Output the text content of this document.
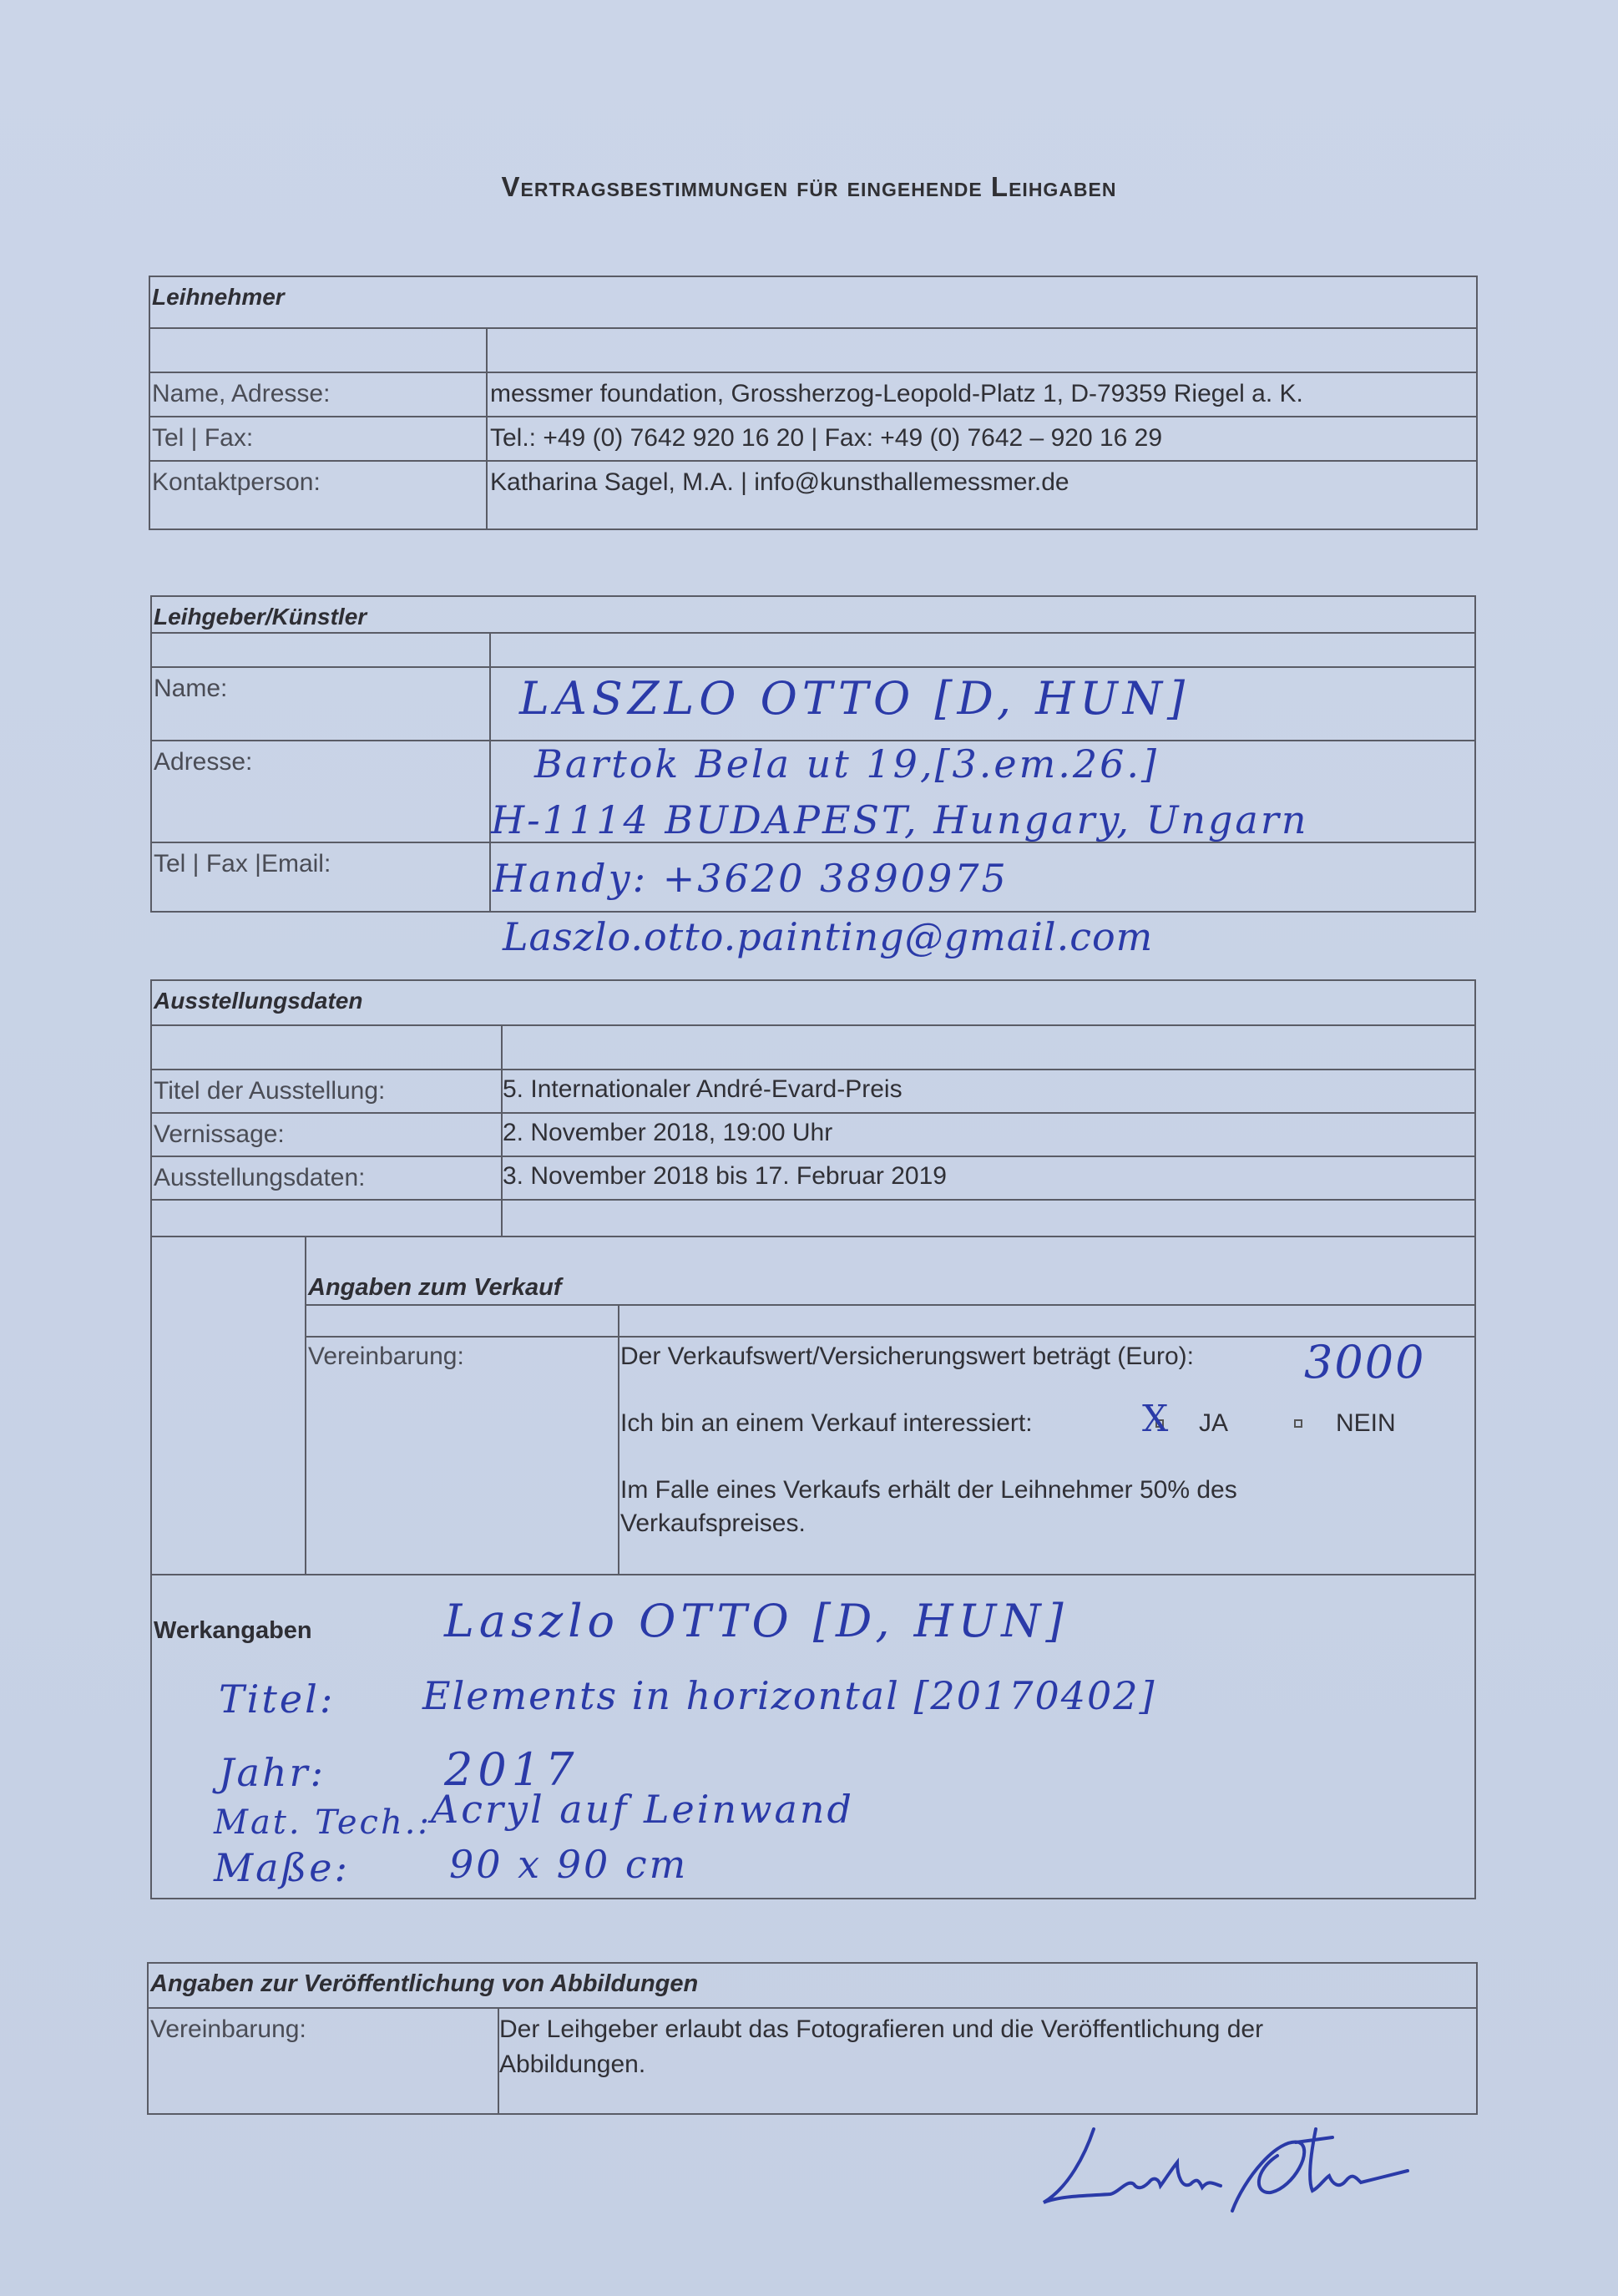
Vertragsbestimmungen für eingehende Leihgaben
Leihnehmer
Name, Adresse:	messmer foundation, Grossherzog-Leopold-Platz 1, D-79359 Riegel a. K.
Tel | Fax:	Tel.: +49 (0) 7642 920 16 20 | Fax: +49 (0) 7642 – 920 16 29
Kontaktperson:	Katharina Sagel, M.A. | info@kunsthallemessmer.de
Leihgeber/Künstler
Name:	LASZLO OTTO [D, HUN]
Adresse:	Bartok Bela ut 19,[3.em.26.]
H-1114 BUDAPEST, Hungary, Ungarn
Tel | Fax |Email:	Handy: +3620 3890975
Laszlo.otto.painting@gmail.com
Ausstellungsdaten
Titel der Ausstellung:	5. Internationaler André-Evard-Preis
Vernissage:	2. November 2018, 19:00 Uhr
Ausstellungsdaten:	3. November 2018 bis 17. Februar 2019
Angaben zum Verkauf
Vereinbarung:	Der Verkaufswert/Versicherungswert beträgt (Euro): 3000
Ich bin an einem Verkauf interessiert:	X JA	NEIN
Im Falle eines Verkaufs erhält der Leihnehmer 50% des
Verkaufspreises.
Werkangaben	Laszlo OTTO [D, HUN]
Titel: Elements in horizontal [20170402]
Jahr:	2017
Mat. Tech.: Acryl auf Leinwand
Maße:	90 x 90 cm
Angaben zur Veröffentlichung von Abbildungen
Vereinbarung:	Der Leihgeber erlaubt das Fotografieren und die Veröffentlichung der
Abbildungen.
